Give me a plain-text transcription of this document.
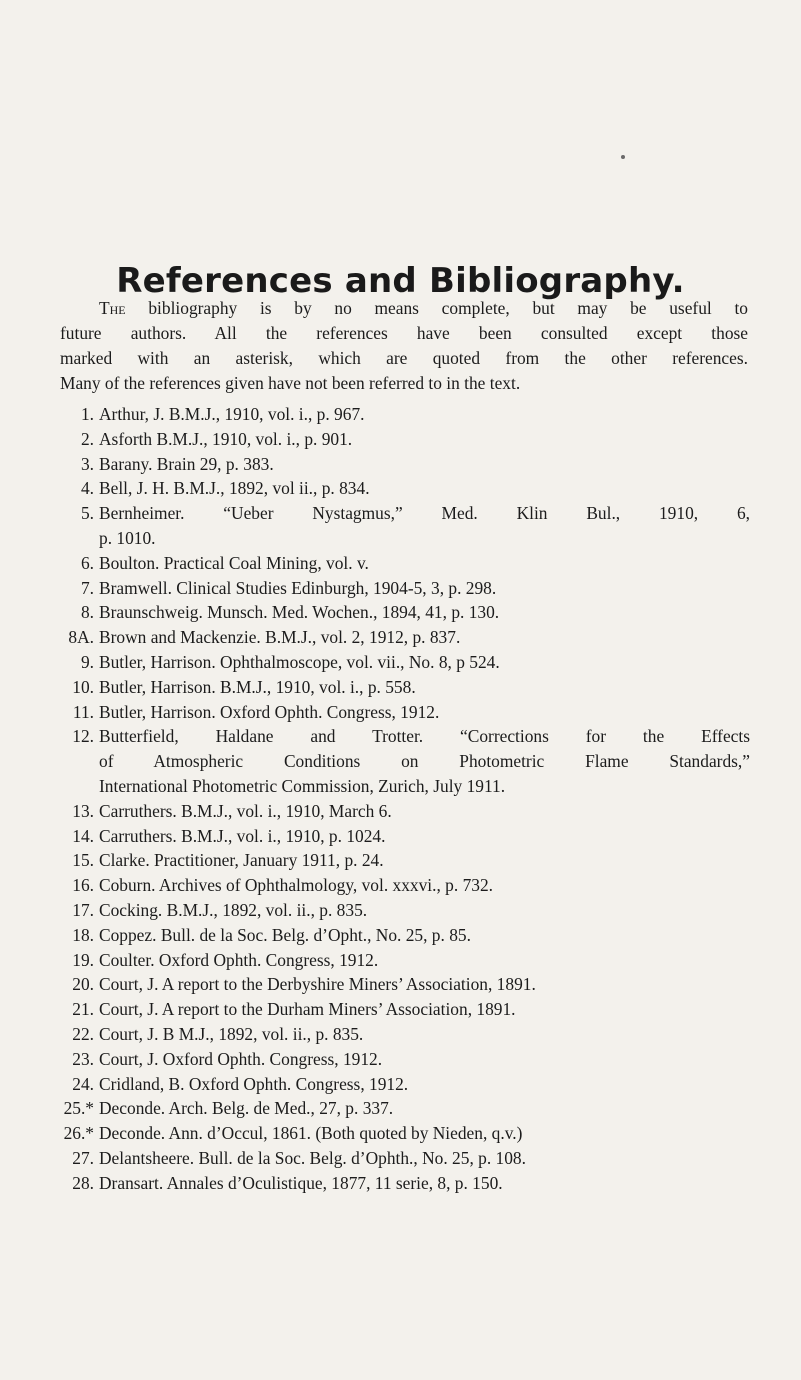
References and Bibliography.
The bibliography is by no means complete, but may be useful to
future authors. All the references have been consulted except those
marked with an asterisk, which are quoted from the other references.
Many of the references given have not been referred to in the text.
1. Arthur, J. B.M.J., 1910, vol. i., p. 967.
2. Asforth B.M.J., 1910, vol. i., p. 901.
3. Barany. Brain 29, p. 383.
4. Bell, J. H. B.M.J., 1892, vol ii., p. 834.
5. Bernheimer. “Ueber Nystagmus,” Med. Klin Bul., 1910, 6,
p. 1010.
6. Boulton. Practical Coal Mining, vol. v.
7. Bramwell. Clinical Studies Edinburgh, 1904-5, 3, p. 298.
8. Braunschweig. Munsch. Med. Wochen., 1894, 41, p. 130.
8A. Brown and Mackenzie. B.M.J., vol. 2, 1912, p. 837.
9. Butler, Harrison. Ophthalmoscope, vol. vii., No. 8, p 524.
10. Butler, Harrison. B.M.J., 1910, vol. i., p. 558.
11. Butler, Harrison. Oxford Ophth. Congress, 1912.
12. Butterfield, Haldane and Trotter. “Corrections for the Effects
of Atmospheric Conditions on Photometric Flame Standards,”
International Photometric Commission, Zurich, July 1911.
13. Carruthers. B.M.J., vol. i., 1910, March 6.
14. Carruthers. B.M.J., vol. i., 1910, p. 1024.
15. Clarke. Practitioner, January 1911, p. 24.
16. Coburn. Archives of Ophthalmology, vol. xxxvi., p. 732.
17. Cocking. B.M.J., 1892, vol. ii., p. 835.
18. Coppez. Bull. de la Soc. Belg. d’Opht., No. 25, p. 85.
19. Coulter. Oxford Ophth. Congress, 1912.
20. Court, J. A report to the Derbyshire Miners’ Association, 1891.
21. Court, J. A report to the Durham Miners’ Association, 1891.
22. Court, J. B M.J., 1892, vol. ii., p. 835.
23. Court, J. Oxford Ophth. Congress, 1912.
24. Cridland, B. Oxford Ophth. Congress, 1912.
25.* Deconde. Arch. Belg. de Med., 27, p. 337.
26.* Deconde. Ann. d’Occul, 1861. (Both quoted by Nieden, q.v.)
27. Delantsheere. Bull. de la Soc. Belg. d’Ophth., No. 25, p. 108.
28. Dransart. Annales d’Oculistique, 1877, 11 serie, 8, p. 150.
